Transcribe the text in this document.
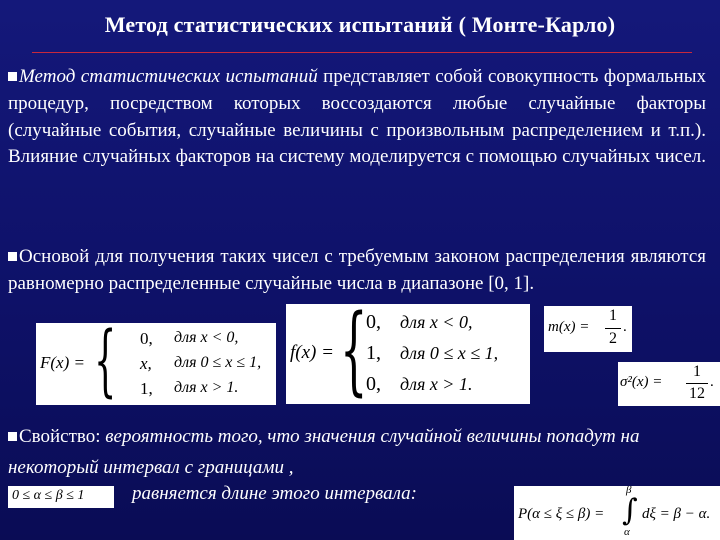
Метод статистических испытаний ( Монте-Карло)
Метод статистических испытаний представляет собой совокупность формальных процедур, посредством которых воссоздаются любые случайные факторы (случайные события, случайные величины с произвольным распределением и т.п.). Влияние случайных факторов на систему моделируется с помощью случайных чисел.
Основой для получения таких чисел с требуемым законом распределения являются равномерно распределенные случайные числа в диапазоне [0, 1].
F(x) = { 0, для x < 0,
x, для 0 ≤ x ≤ 1,
1, для x > 1.
f(x) = {
0, для x < 0,
1, для 0 ≤ x ≤ 1,
0, для x > 1.
m(x) =
1
2
.
σ²(x) =
1
12
.
Свойство: вероятность того, что значения случайной величины попадут на некоторый интервал с границами ,
0 ≤ α ≤ β ≤ 1	равняется длине этого интервала:
P(α ≤ ξ ≤ β) =
β
∫
α
dξ = β − α.
